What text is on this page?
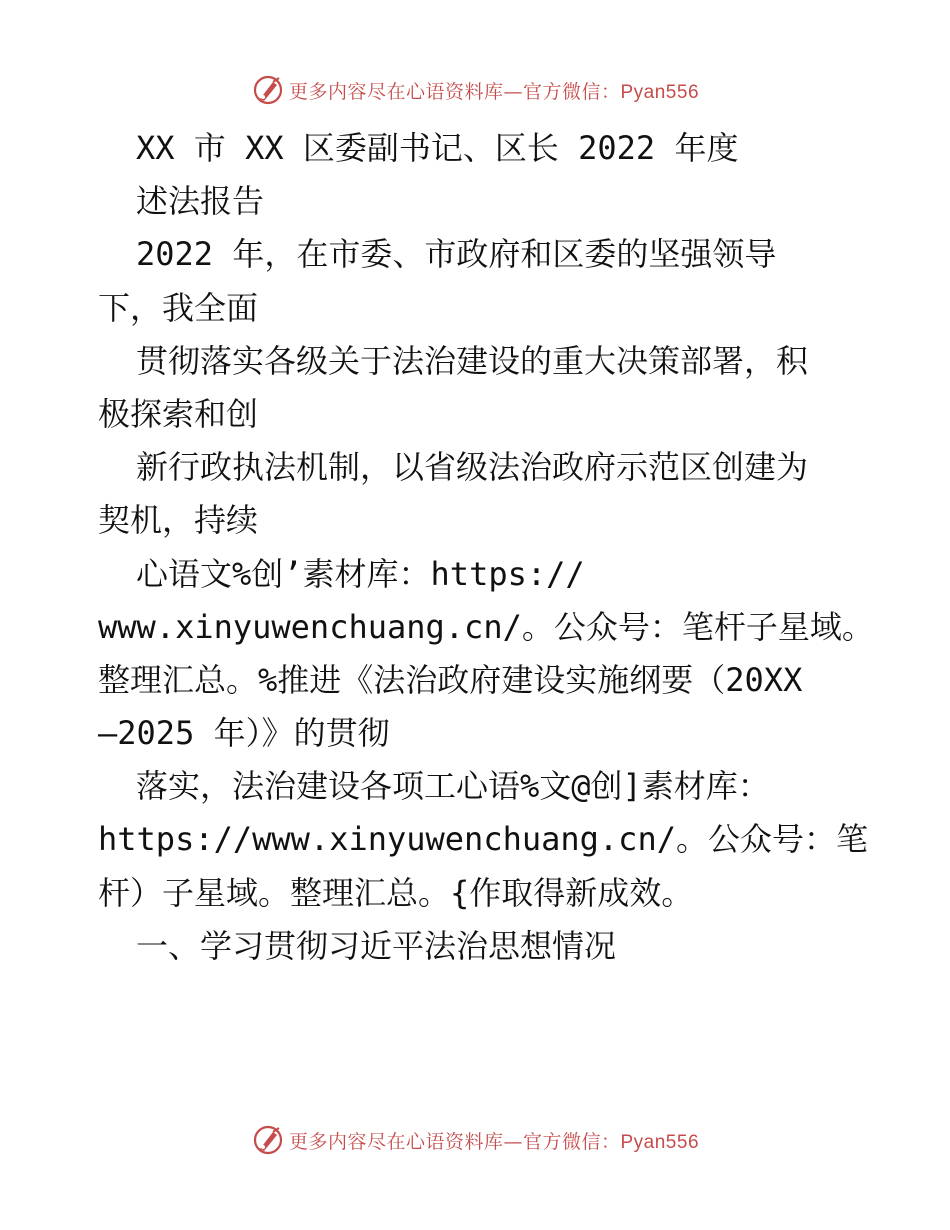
更多内容尽在心语资料库—官方微信：Pyan556
XX 市 XX 区委副书记、区长 2022 年度
述法报告
2022 年，在市委、市政府和区委的坚强领导
下，我全面
贯彻落实各级关于法治建设的重大决策部署，积
极探索和创
新行政执法机制，以省级法治政府示范区创建为
契机，持续
心语文%创’素材库：https://
www.xinyuwenchuang.cn/。公众号：笔杆子星域。
整理汇总。%推进《法治政府建设实施纲要（20XX
—2025 年）》的贯彻
落实，法治建设各项工心语%文@创]素材库：
https://www.xinyuwenchuang.cn/。公众号：笔
杆）子星域。整理汇总。{作取得新成效。
一、学习贯彻习近平法治思想情况
更多内容尽在心语资料库—官方微信：Pyan556
